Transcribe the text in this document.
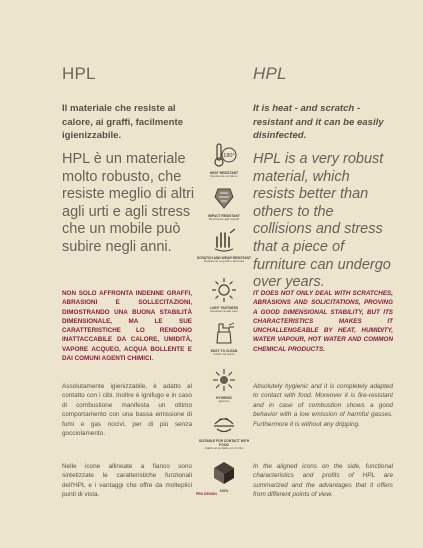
HPL	HPL
Il materiale che resiste al calore, ai graffi, facilmente igienizzabile.
It is heat - and scratch - resistant and it can be easily disinfected.
HPL è un materiale molto robusto, che resiste meglio di altri agli urti e agli stress che un mobile può subire negli anni.
HPL is a very robust material, which resists better than others to the collisions and stress that a piece of furniture can undergo over years.
NON SOLO AFFRONTA INDENNE GRAFFI, ABRASIONI E SOLLECITAZIONI, DIMOSTRANDO UNA BUONA STABILITÀ DIMENSIONALE, MA LE SUE CARATTERISTICHE LO RENDONO INATTACCABILE DA CALORE, UMIDITÀ, VAPORE ACQUEO, ACQUA BOLLENTE E DAI COMUNI AGENTI CHIMICI.
IT DOES NOT ONLY DEAL WITH SCRATCHES, ABRASIONS AND SOLICITATIONS, PROVING A GOOD DIMENSIONAL STABILITY, BUT ITS CHARACTERISTICS MAKES IT UNCHALLENGEABLE BY HEAT, HUMIDITY, WATER VAPOUR, HOT WATER AND COMMON CHEMICAL PRODUCTS.
Assolutamente igienizzabile, è adatto al contatto con i cibi. Inoltre è ignifugo e in caso di combustione manifesta un ottimo comportamento con una bassa emissione di fumi e gas nocivi, per di più senza gocciolamento.
Absolutely hygienic and it is completely adapted to contact with food. Moreover it is fire-resistant and in case of combustion shows a good behavior with a low emission of harmful gasses. Furthermore it is without any dripping.
Nelle icone allineate a fianco sono sintetizzate le caratteristiche funzionali dell'HPL e i vantaggi che offre da molteplici punti di vista.
In the aligned icons on the side, functional characteristics and profits of HPL are summarized and the advantages that it offers from different points of view.
180°
HEAT RESISTANT
Resistente al calore
IMPACT RESISTANT
Resistente agli impatti
SCRATCH AND WEAR RESISTANT
Resistente ai graffi e all'usura
LIGHT FASTNESS
Resistenza alla luce
EASY TO CLEAN
Facile da pulire
HYGIENIC
Igienico
SUITABLE FOR CONTACT WITH FOOD
Adatto al contatto con il cibo
100%
PRO DESIGN
